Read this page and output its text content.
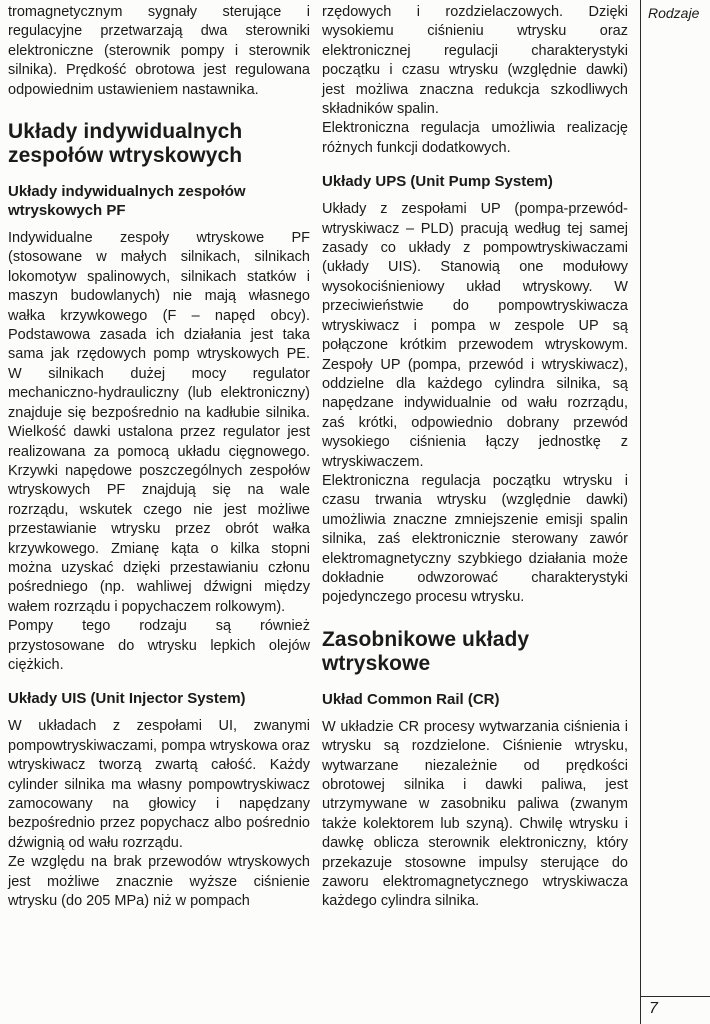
tromagnetycznym sygnały sterujące i regulacyjne przetwarzają dwa sterowniki elektroniczne (sterownik pompy i sterownik silnika). Prędkość obrotowa jest regulowana odpowiednim ustawieniem nastawnika.

Układy indywidualnych zespołów wtryskowych
Układy indywidualnych zespołów wtryskowych PF

Indywidualne zespoły wtryskowe PF (stosowane w małych silnikach, silnikach lokomotyw spalinowych, silnikach statków i maszyn budowlanych) nie mają własnego wałka krzywkowego (F – napęd obcy). Podstawowa zasada ich działania jest taka sama jak rzędowych pomp wtryskowych PE. W silnikach dużej mocy regulator mechaniczno-hydrauliczny (lub elektroniczny) znajduje się bezpośrednio na kadłubie silnika. Wielkość dawki ustalona przez regulator jest realizowana za pomocą układu cięgnowego. Krzywki napędowe poszczególnych zespołów wtryskowych PF znajdują się na wale rozrządu, wskutek czego nie jest możliwe przestawianie wtrysku przez obrót wałka krzywkowego. Zmianę kąta o kilka stopni można uzyskać dzięki przestawianiu członu pośredniego (np. wahliwej dźwigni między wałem rozrządu i popychaczem rolkowym).

Pompy tego rodzaju są również przystosowane do wtrysku lepkich olejów ciężkich.

Układy UIS (Unit Injector System)

W układach z zespołami UI, zwanymi pompowtryskiwaczami, pompa wtryskowa oraz wtryskiwacz tworzą zwartą całość. Każdy cylinder silnika ma własny pompowtryskiwacz zamocowany na głowicy i napędzany bezpośrednio przez popychacz albo pośrednio dźwignią od wału rozrządu.

Ze względu na brak przewodów wtryskowych jest możliwe znacznie wyższe ciśnienie wtrysku (do 205 MPa) niż w pompach

rzędowych i rozdzielaczowych. Dzięki wysokiemu ciśnieniu wtrysku oraz elektronicznej regulacji charakterystyki początku i czasu wtrysku (względnie dawki) jest możliwa znaczna redukcja szkodliwych składników spalin.

Elektroniczna regulacja umożliwia realizację różnych funkcji dodatkowych.

Układy UPS (Unit Pump System)

Układy z zespołami UP (pompa-przewód-wtryskiwacz – PLD) pracują według tej samej zasady co układy z pompowtryskiwaczami (układy UIS). Stanowią one modułowy wysokociśnieniowy układ wtryskowy. W przeciwieństwie do pompowtryskiwacza wtryskiwacz i pompa w zespole UP są połączone krótkim przewodem wtryskowym. Zespoły UP (pompa, przewód i wtryskiwacz), oddzielne dla każdego cylindra silnika, są napędzane indywidualnie od wału rozrządu, zaś krótki, odpowiednio dobrany przewód wysokiego ciśnienia łączy jednostkę z wtryskiwaczem.

Elektroniczna regulacja początku wtrysku i czasu trwania wtrysku (względnie dawki) umożliwia znaczne zmniejszenie emisji spalin silnika, zaś elektronicznie sterowany zawór elektromagnetyczny szybkiego działania może dokładnie odwzorować charakterystyki pojedynczego procesu wtrysku.

Zasobnikowe układy wtryskowe
Układ Common Rail (CR)

W układzie CR procesy wytwarzania ciśnienia i wtrysku są rozdzielone. Ciśnienie wtrysku, wytwarzane niezależnie od prędkości obrotowej silnika i dawki paliwa, jest utrzymywane w zasobniku paliwa (zwanym także kolektorem lub szyną). Chwilę wtrysku i dawkę oblicza sterownik elektroniczny, który przekazuje stosowne impulsy sterujące do zaworu elektromagnetycznego wtryskiwacza każdego cylindra silnika.

Rodzaje
7
